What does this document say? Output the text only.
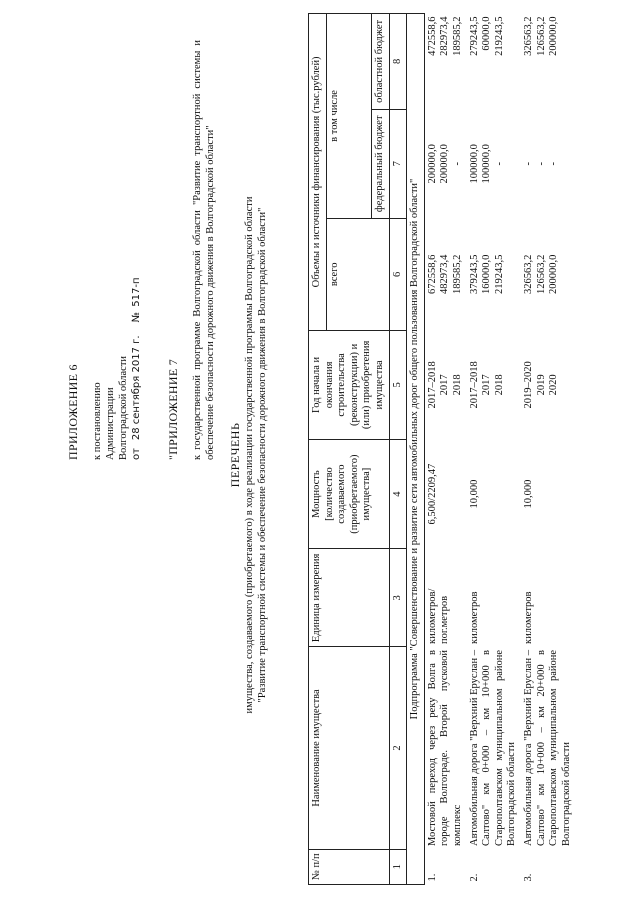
ПРИЛОЖЕНИЕ 6 к постановлению Администрации Волгоградской области от   28 сентября 2017 г.     №  517-п
"ПРИЛОЖЕНИЕ 7 к государственной программе Волгоградской области "Развитие транспортной системы и обеспечение безопасности дорожного движения в Волгоградской области" ПЕРЕЧЕНЬ имущества, создаваемого (приобретаемого) в ходе реализации государственной программы Волгоградской области "Развитие транспортной системы и обеспечение безопасности дорожного движения в Волгоградской области"
№ п/п	Наименование имущества	Единица измерения	Мощность [количество создаваемого (приобретаемого) имущества]	Год начала и окончания строительства (реконструкции) и (или) приобретения имущества	Объемы и источники финансирования (тыс.рублей)		
					всего	в том числе	
						федеральный бюджет	областной бюджет
1	2	3	4	5	6	7	8
Подпрограмма "Совершенствование и развитие сети автомобильных дорог общего пользования Волгоградской области"							
1.	Мостовой переход через реку Волга в городе Волгограде. Второй пусковой комплекс	километров/ пог.метров	6,500/2209,47	2017–2018 2017 2018	672558,6 482973,4 189585,2	200000,0 200000,0 -	472558,6 282973,4 189585,2

2.	Автомобильная дорога "Верхний Еруслан – Салтово" км 0+000 – км 10+000 в Старополтавском муниципальном районе Волгоградской области	километров	10,000	2017–2018 2017 2018	379243,5 160000,0 219243,5	100000,0 100000,0 -	279243,5 60000,0 219243,5

3.	Автомобильная дорога "Верхний Еруслан – Салтово" км 10+000 – км 20+000 в Старополтавском муниципальном районе Волгоградской области	километров	10,000	2019–2020 2019 2020	326563,2 126563,2 200000,0	- - -	326563,2 126563,2 200000,0
